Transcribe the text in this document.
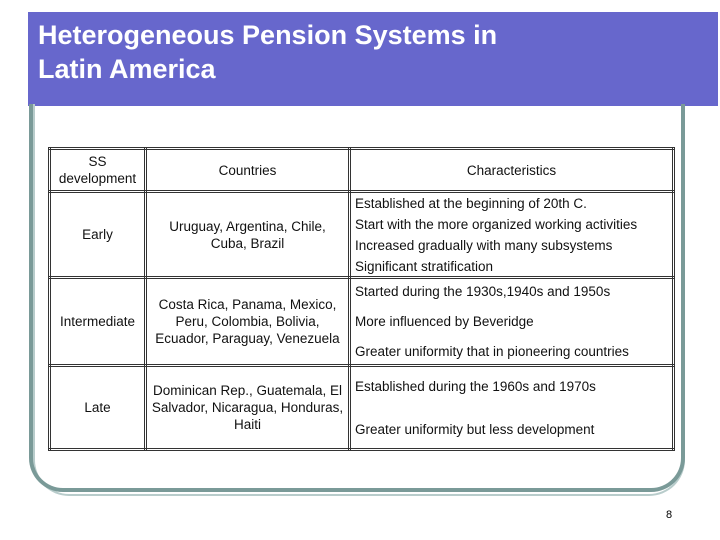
Heterogeneous Pension Systems in
Latin America
SS development	Countries	Characteristics
Early	Uruguay, Argentina, Chile, Cuba, Brazil	Established at the beginning of 20th C.
Start with the more organized working activities
Increased gradually with many subsystems
Significant stratification

Intermediate	Costa Rica, Panama, Mexico, Peru, Colombia, Bolivia, Ecuador, Paraguay, Venezuela	Started during the 1930s,1940s and 1950s
More influenced by Beveridge
Greater uniformity that in pioneering countries

Late	Dominican Rep., Guatemala, El Salvador, Nicaragua, Honduras, Haiti	Established during the 1960s and 1970s
Greater uniformity but less development
8
